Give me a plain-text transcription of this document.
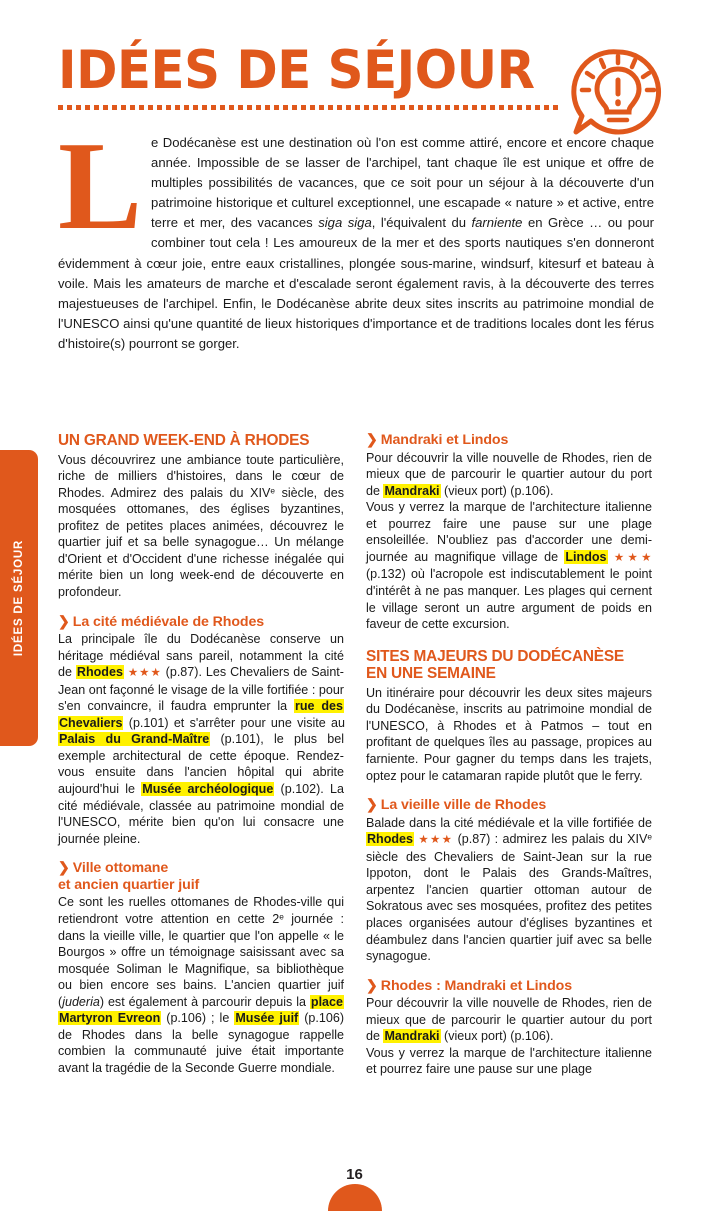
IDÉES DE SÉJOUR
IDÉES DE SÉJOUR
Le Dodécanèse est une destination où l'on est comme attiré, encore et encore chaque année. Impossible de se lasser de l'archipel, tant chaque île est unique et offre de multiples possibilités de vacances, que ce soit pour un séjour à la découverte d'un patrimoine historique et culturel exceptionnel, une escapade « nature » et active, entre terre et mer, des vacances siga siga, l'équivalent du farniente en Grèce … ou pour combiner tout cela ! Les amoureux de la mer et des sports nautiques s'en donneront évidemment à cœur joie, entre eaux cristallines, plongée sous-marine, windsurf, kitesurf et bateau à voile. Mais les amateurs de marche et d'escalade seront également ravis, à la découverte des terres majestueuses de l'archipel. Enfin, le Dodécanèse abrite deux sites inscrits au patrimoine mondial de l'UNESCO ainsi qu'une quantité de lieux historiques d'importance et de traditions locales dont les férus d'histoire(s) pourront se gorger.
UN GRAND WEEK-END À RHODES

Vous découvrirez une ambiance toute particulière, riche de milliers d'histoires, dans le cœur de Rhodes. Admirez des palais du XIVe siècle, des mosquées ottomanes, des églises byzantines, profitez de petites places animées, découvrez le quartier juif et sa belle synagogue… Un mélange d'Orient et d'Occident d'une richesse inégalée qui mérite bien un long week-end de découverte en profondeur.

❯ La cité médiévale de Rhodes

La principale île du Dodécanèse conserve un héritage médiéval sans pareil, notamment la cité de Rhodes ★★★ (p.87). Les Chevaliers de Saint-Jean ont façonné le visage de la ville fortifiée : pour s'en convaincre, il faudra emprunter la rue des Chevaliers (p.101) et s'arrêter pour une visite au Palais du Grand-Maître (p.101), le plus bel exemple architectural de cette époque. Rendez-vous ensuite dans l'ancien hôpital qui abrite aujourd'hui le Musée archéologique (p.102). La cité médiévale, classée au patrimoine mondial de l'UNESCO, mérite bien qu'on lui consacre une journée pleine.

❯ Ville ottomane
et ancien quartier juif

Ce sont les ruelles ottomanes de Rhodes-ville qui retiendront votre attention en cette 2e journée : dans la vieille ville, le quartier que l'on appelle « le Bourgos » offre un témoignage saisissant avec sa mosquée Soliman le Magnifique, sa bibliothèque ou bien encore ses bains. L'ancien quartier juif (juderia) est également à parcourir depuis la place Martyron Evreon (p.106) ; le Musée juif (p.106) de Rhodes dans la belle synagogue rappelle combien la communauté juive était importante avant la tragédie de la Seconde Guerre mondiale.

❯ Mandraki et Lindos

Pour découvrir la ville nouvelle de Rhodes, rien de mieux que de parcourir le quartier autour du port de Mandraki (vieux port) (p.106).

Vous y verrez la marque de l'architecture italienne et pourrez faire une pause sur une plage ensoleillée. N'oubliez pas d'accorder une demi-journée au magnifique village de Lindos ★★★ (p.132) où l'acropole est indiscutablement le point d'intérêt à ne pas manquer. Les plages qui cernent le village seront un autre argument de poids en faveur de cette excursion.

SITES MAJEURS DU DODÉCANÈSE
EN UNE SEMAINE

Un itinéraire pour découvrir les deux sites majeurs du Dodécanèse, inscrits au patrimoine mondial de l'UNESCO, à Rhodes et à Patmos – tout en profitant de quelques îles au passage, propices au farniente. Pour gagner du temps dans les trajets, optez pour le catamaran rapide plutôt que le ferry.

❯ La vieille ville de Rhodes

Balade dans la cité médiévale et la ville fortifiée de Rhodes ★★★ (p.87) : admirez les palais du XIVe siècle des Chevaliers de Saint-Jean sur la rue Ippoton, dont le Palais des Grands-Maîtres, arpentez l'ancien quartier ottoman autour de Sokratous avec ses mosquées, profitez des petites places organisées autour d'églises byzantines et déambulez dans l'ancien quartier juif avec sa belle synagogue.

❯ Rhodes : Mandraki et Lindos

Pour découvrir la ville nouvelle de Rhodes, rien de mieux que de parcourir le quartier autour du port de Mandraki (vieux port) (p.106).

Vous y verrez la marque de l'architecture italienne et pourrez faire une pause sur une plage

16
